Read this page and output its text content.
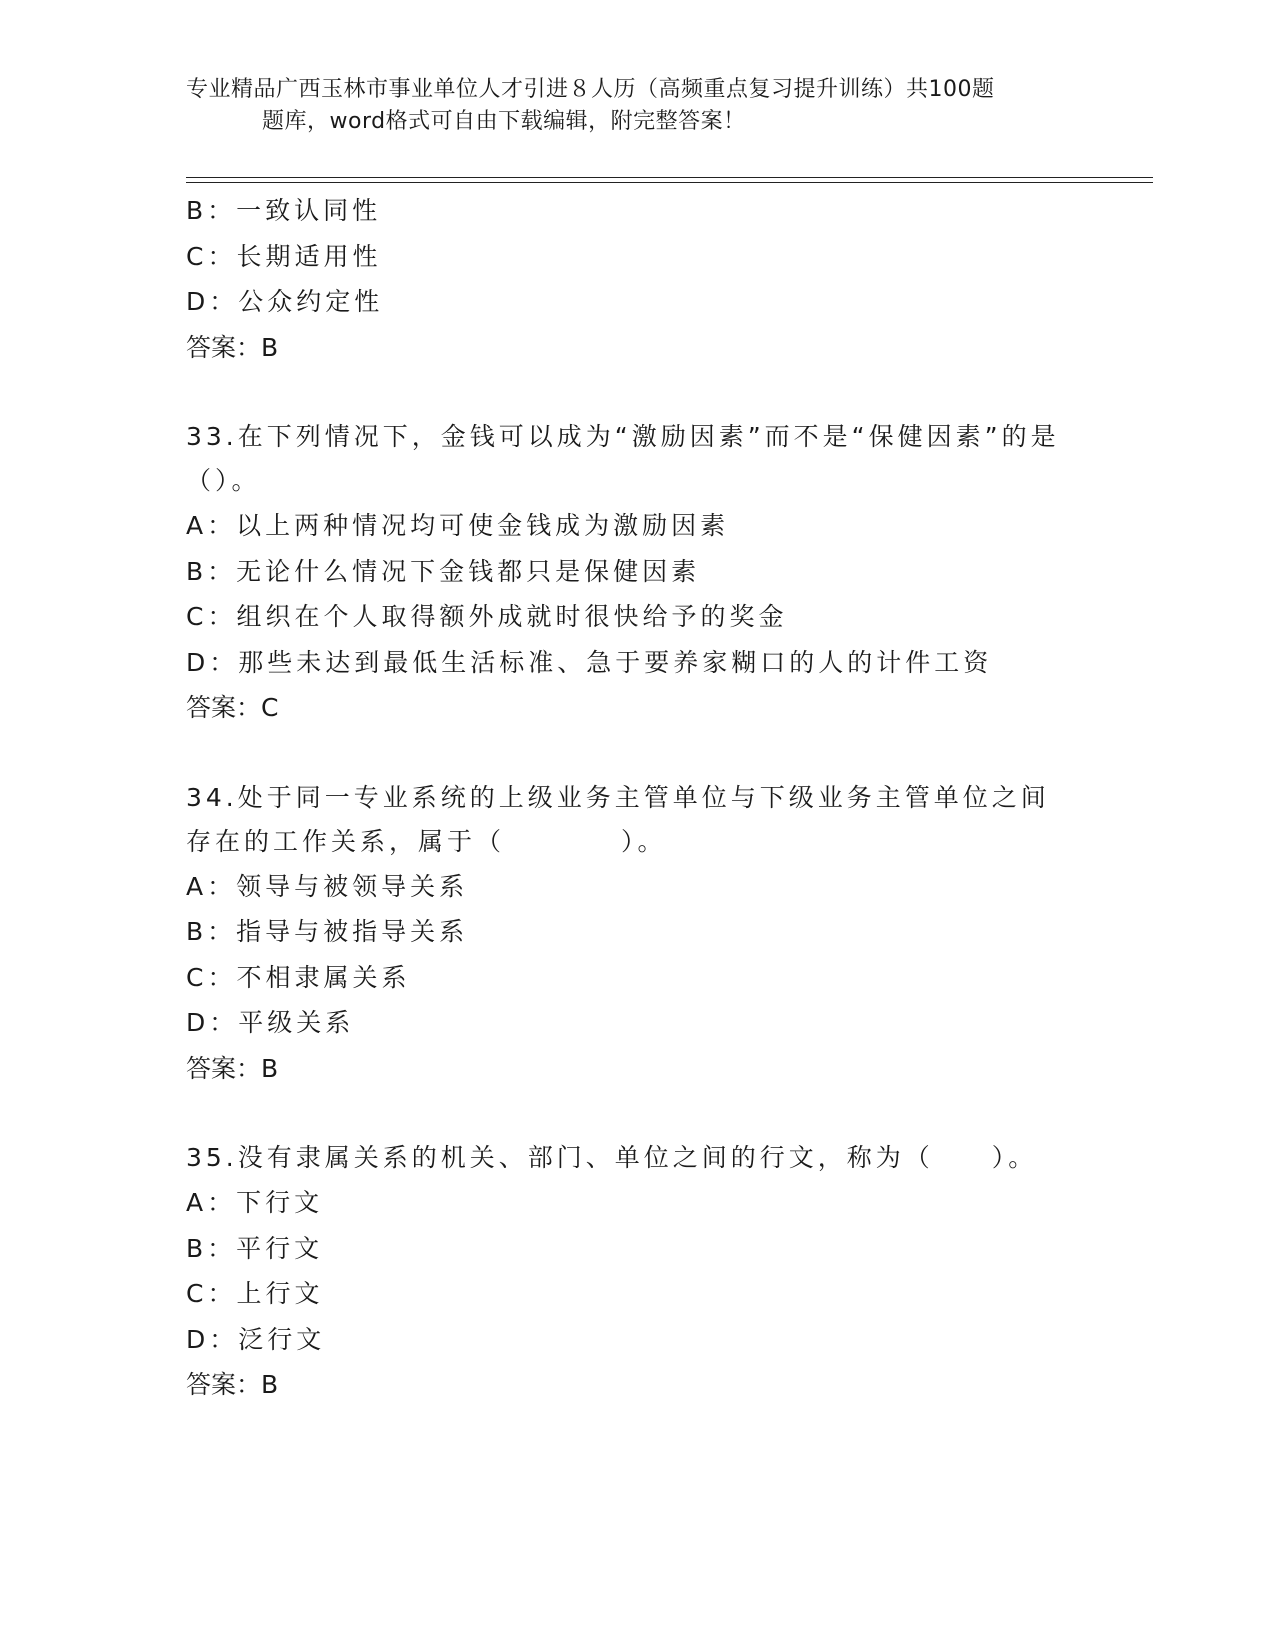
专业精品广西玉林市事业单位人才引进８人历（高频重点复习提升训练）共100题
题库，word格式可自由下载编辑，附完整答案！

B：一致认同性

C：长期适用性

D：公众约定性

答案：B

33.在下列情况下，金钱可以成为“激励因素”而不是“保健因素”的是（）。

A：以上两种情况均可使金钱成为激励因素

B：无论什么情况下金钱都只是保健因素

C：组织在个人取得额外成就时很快给予的奖金

D：那些未达到最低生活标准、急于要养家糊口的人的计件工资

答案：C

34.处于同一专业系统的上级业务主管单位与下级业务主管单位之间存在的工作关系，属于（　　　　）。

A：领导与被领导关系

B：指导与被指导关系

C：不相隶属关系

D：平级关系

答案：B

35.没有隶属关系的机关、部门、单位之间的行文，称为（　　）。

A：下行文

B：平行文

C：上行文

D：泛行文

答案：B
